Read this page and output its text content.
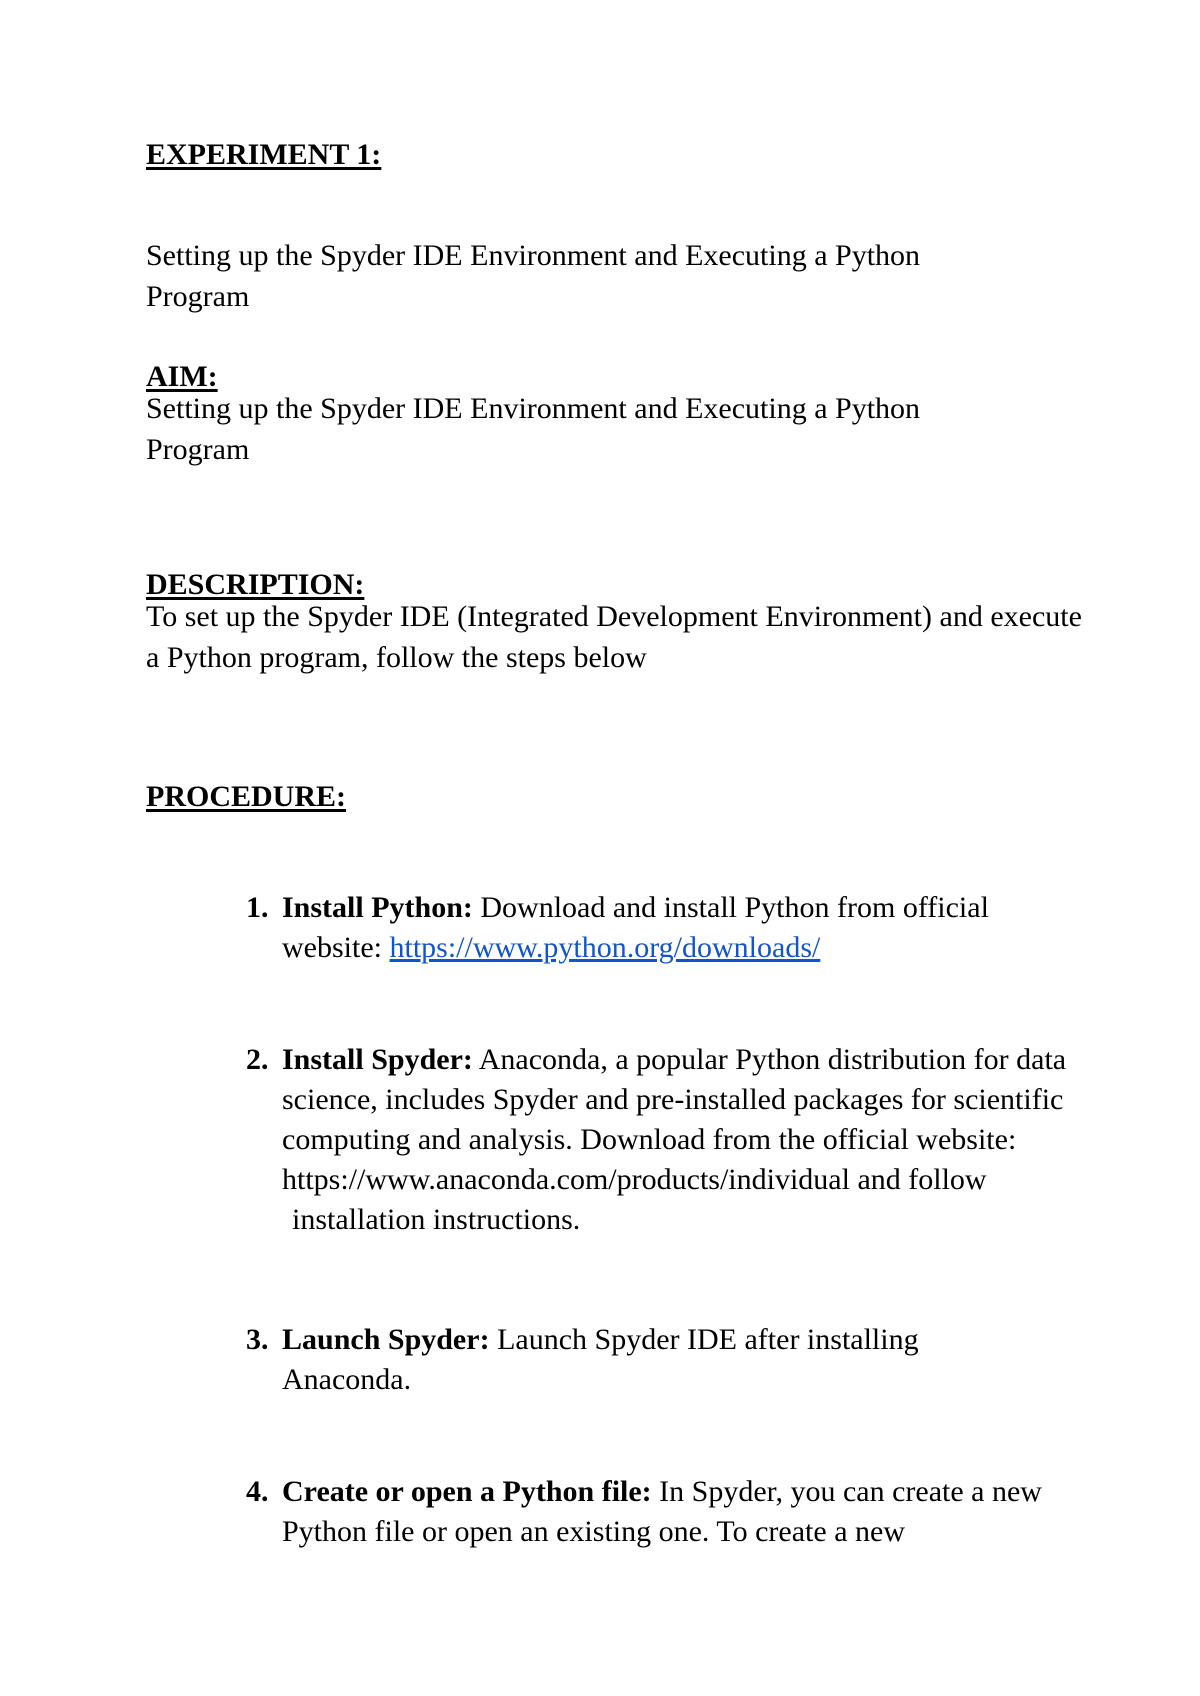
EXPERIMENT 1:

Setting up the Spyder IDE Environment and Executing a Python Program

AIM:

Setting up the Spyder IDE Environment and Executing a Python Program

DESCRIPTION:

To set up the Spyder IDE (Integrated Development Environment) and execute a Python program, follow the steps below

PROCEDURE:
1. Install Python: Download and install Python from official website: https://www.python.org/downloads/
2. Install Spyder: Anaconda, a popular Python distribution for data science, includes Spyder and pre-installed packages for scientific computing and analysis. Download from the official website: https://www.anaconda.com/products/individual and follow
installation instructions.
3. Launch Spyder: Launch Spyder IDE after installing Anaconda.
4. Create or open a Python file: In Spyder, you can create a new Python file or open an existing one. To create a new
